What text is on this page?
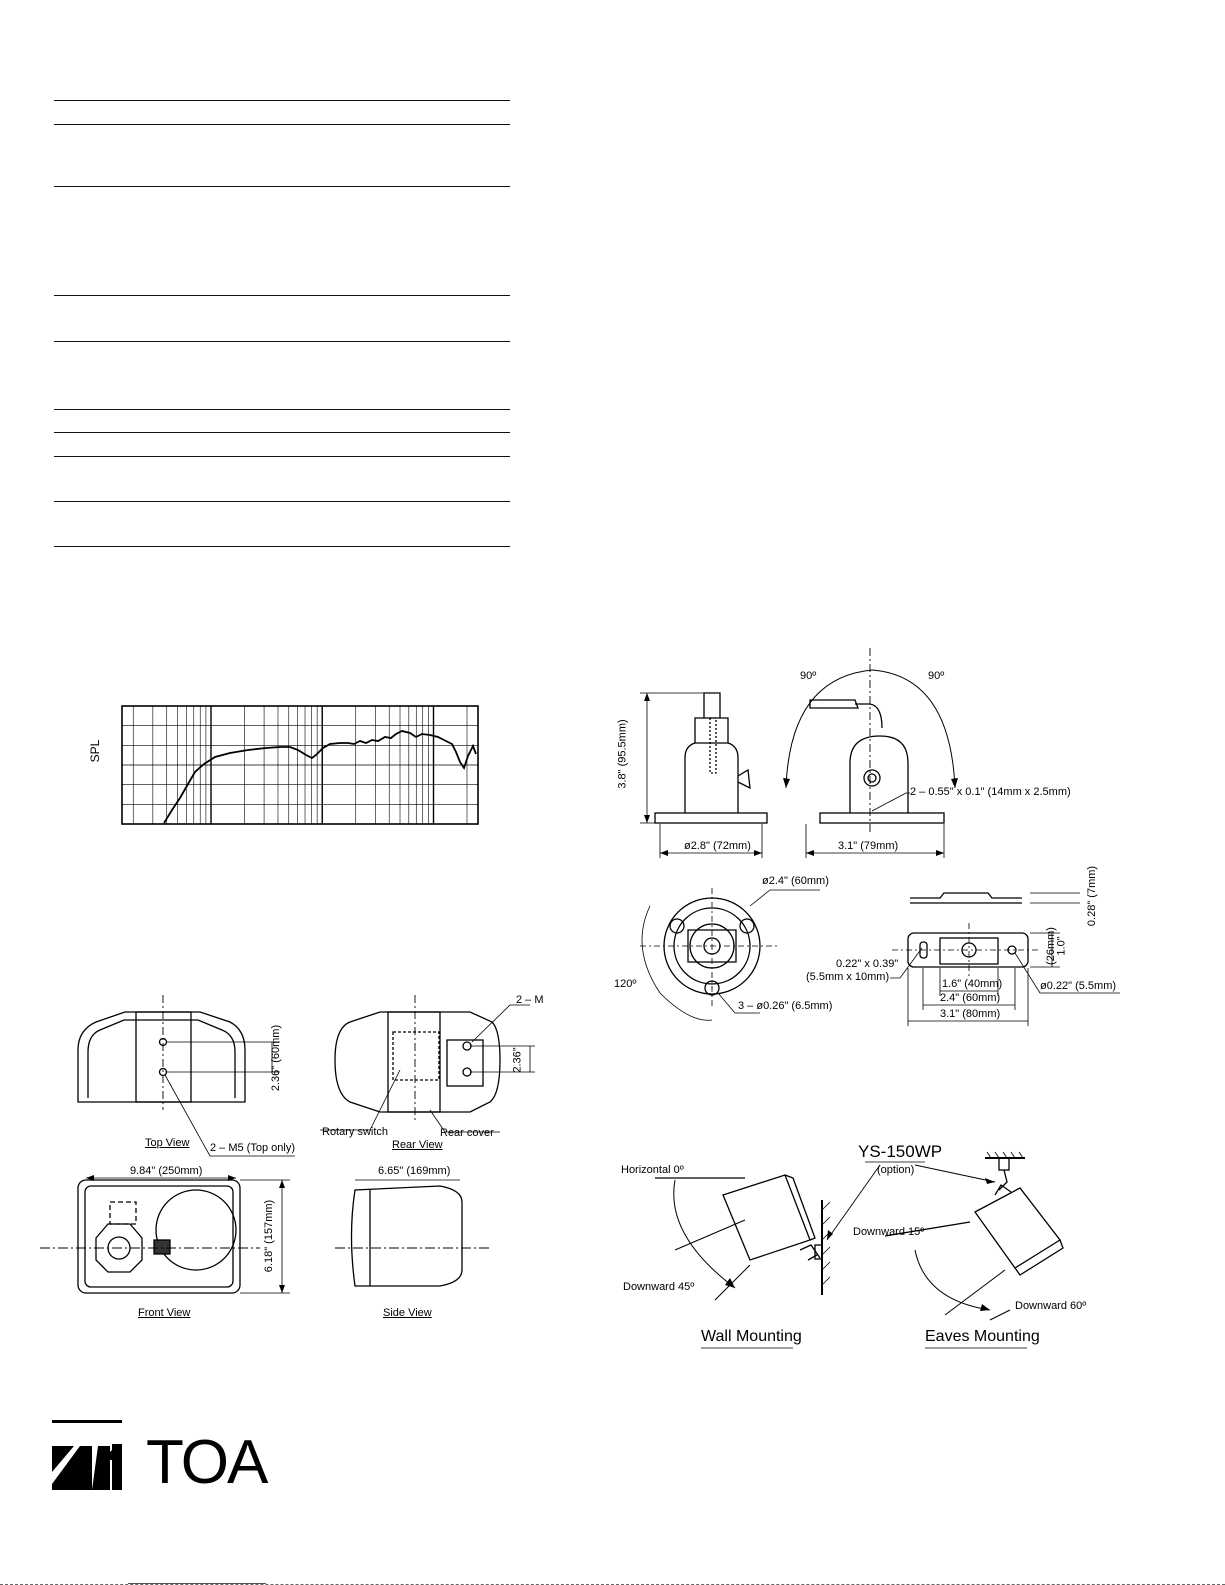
SPL
Top View	Rear View
Front View	Side View
2.36" (60mm)	2.36"
2 – M5 (Top only)
2 – M
Rotary switch	Rear cover
9.84" (250mm)
6.18" (157mm)
6.65" (169mm)
3.8" (95.5mm)
ø2.8" (72mm)	3.1" (79mm)
90º	90º
2 – 0.55" x 0.1" (14mm x 2.5mm)
ø2.4" (60mm)
120º
3 – ø0.26" (6.5mm)
0.28" (7mm)
1.0"
(26mm)
0.22" x 0.39"
(5.5mm x 10mm)
ø0.22" (5.5mm)
1.6" (40mm)
2.4" (60mm)
3.1" (80mm)
YS-150WP
(option)
Horizontal 0º
Downward 45º
Downward 15º
Downward 60º
Wall Mounting	Eaves Mounting
TOA
